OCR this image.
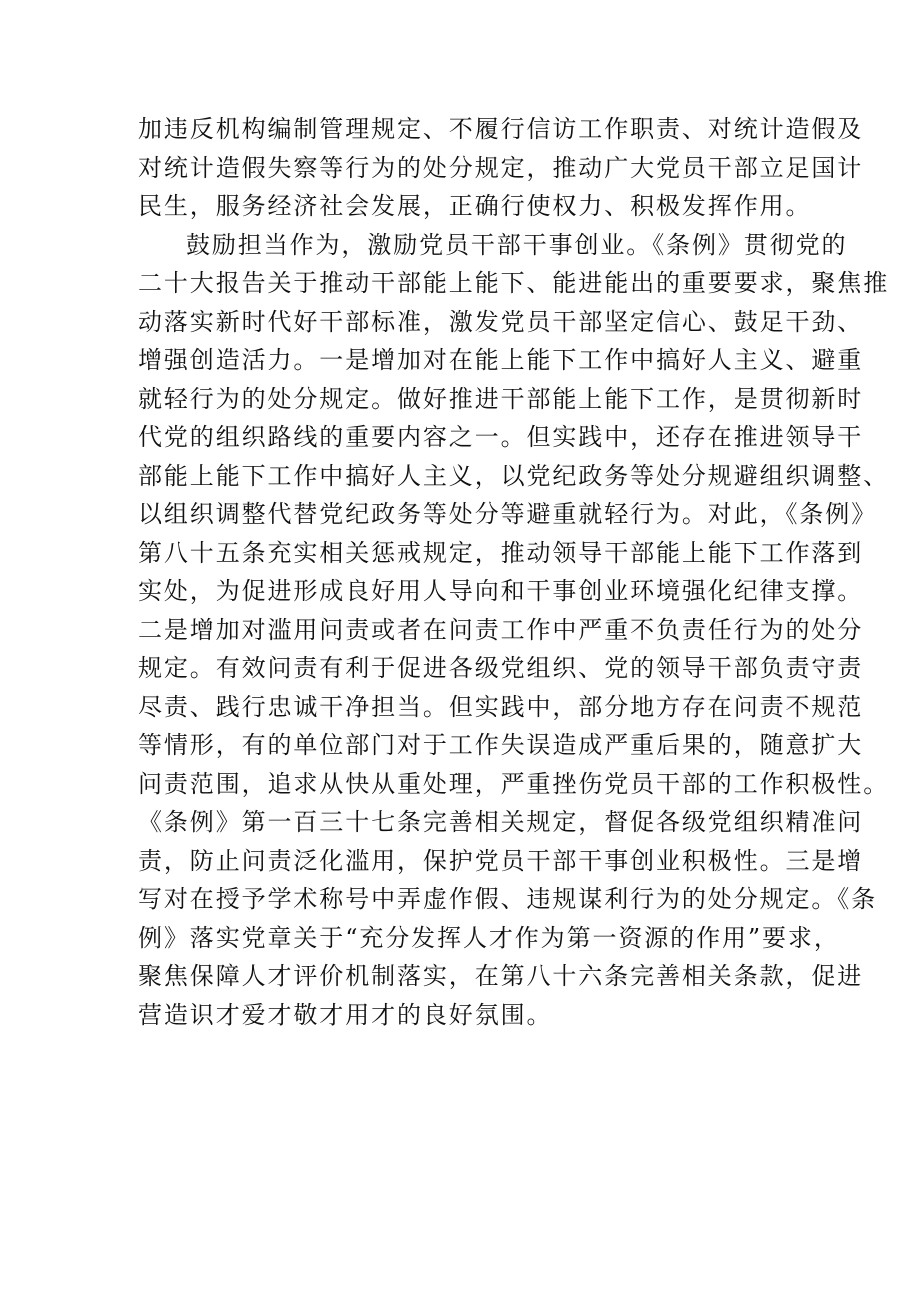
加违反机构编制管理规定、不履行信访工作职责、对统计造假及
对统计造假失察等行为的处分规定，推动广大党员干部立足国计
民生，服务经济社会发展，正确行使权力、积极发挥作用。
鼓励担当作为，激励党员干部干事创业。《条例》贯彻党的
二十大报告关于推动干部能上能下、能进能出的重要要求，聚焦推
动落实新时代好干部标准，激发党员干部坚定信心、鼓足干劲、
增强创造活力。一是增加对在能上能下工作中搞好人主义、避重
就轻行为的处分规定。做好推进干部能上能下工作，是贯彻新时
代党的组织路线的重要内容之一。但实践中，还存在推进领导干
部能上能下工作中搞好人主义，以党纪政务等处分规避组织调整、
以组织调整代替党纪政务等处分等避重就轻行为。对此，《条例》
第八十五条充实相关惩戒规定，推动领导干部能上能下工作落到
实处，为促进形成良好用人导向和干事创业环境强化纪律支撑。
二是增加对滥用问责或者在问责工作中严重不负责任行为的处分
规定。有效问责有利于促进各级党组织、党的领导干部负责守责
尽责、践行忠诚干净担当。但实践中，部分地方存在问责不规范
等情形，有的单位部门对于工作失误造成严重后果的，随意扩大
问责范围，追求从快从重处理，严重挫伤党员干部的工作积极性。
《条例》第一百三十七条完善相关规定，督促各级党组织精准问
责，防止问责泛化滥用，保护党员干部干事创业积极性。三是增
写对在授予学术称号中弄虚作假、违规谋利行为的处分规定。《条
例》落实党章关于“充分发挥人才作为第一资源的作用”要求，
聚焦保障人才评价机制落实，在第八十六条完善相关条款，促进
营造识才爱才敬才用才的良好氛围。
